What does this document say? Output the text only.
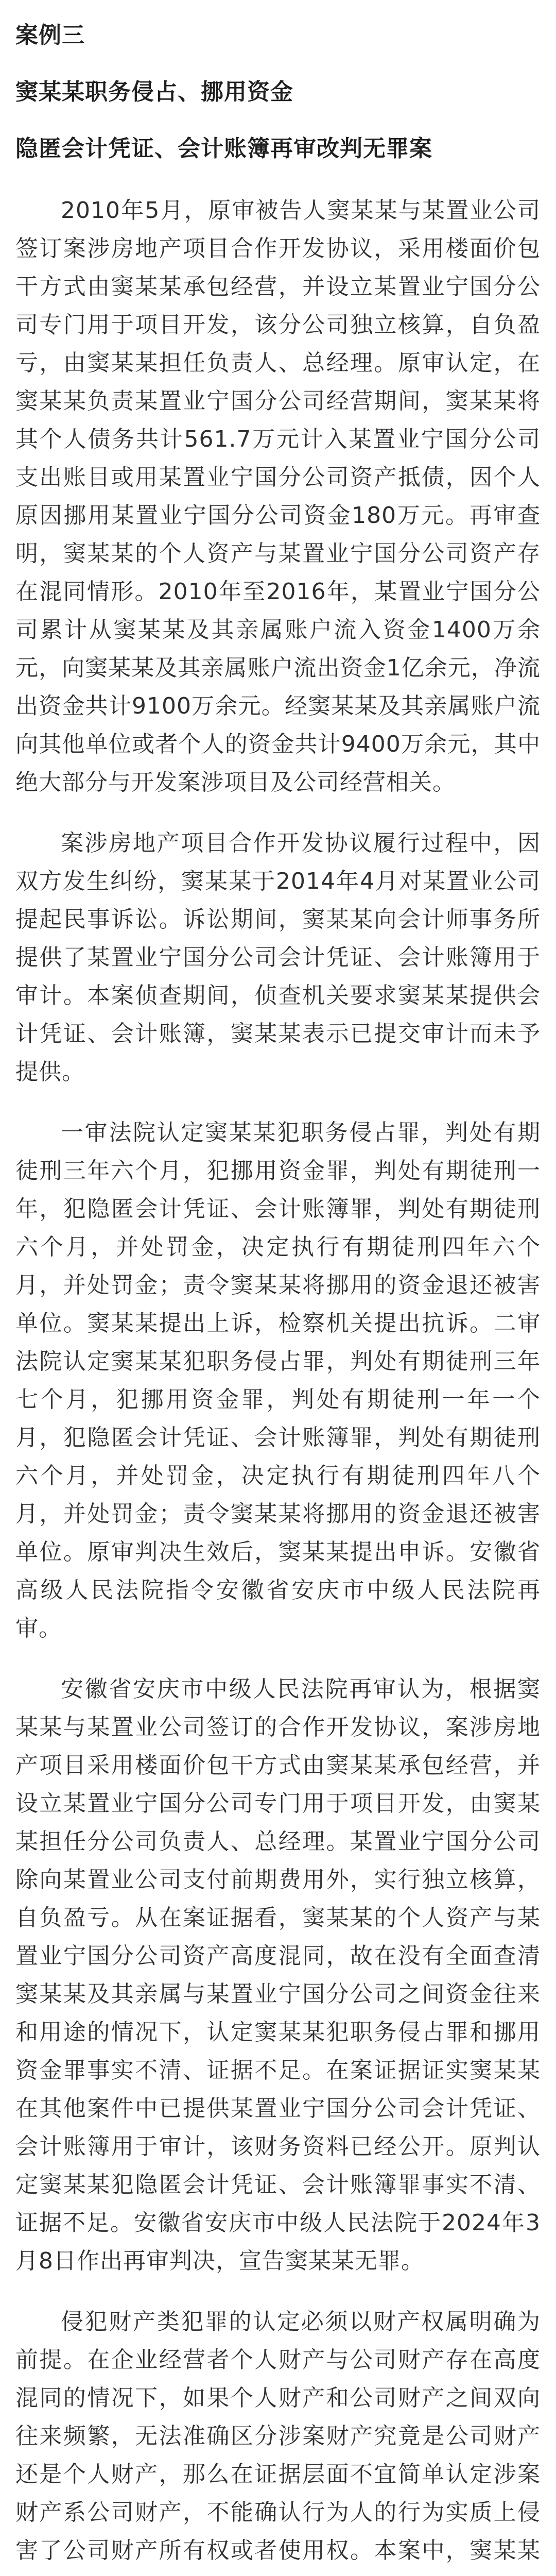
案例三
窦某某职务侵占、挪用资金
隐匿会计凭证、会计账簿再审改判无罪案

2010年5月，原审被告人窦某某与某置业公司签订案涉房地产项目合作开发协议，采用楼面价包干方式由窦某某承包经营，并设立某置业宁国分公司专门用于项目开发，该分公司独立核算，自负盈亏，由窦某某担任负责人、总经理。原审认定，在窦某某负责某置业宁国分公司经营期间，窦某某将其个人债务共计561.7万元计入某置业宁国分公司支出账目或用某置业宁国分公司资产抵债，因个人原因挪用某置业宁国分公司资金180万元。再审查明，窦某某的个人资产与某置业宁国分公司资产存在混同情形。2010年至2016年，某置业宁国分公司累计从窦某某及其亲属账户流入资金1400万余元，向窦某某及其亲属账户流出资金1亿余元，净流出资金共计9100万余元。经窦某某及其亲属账户流向其他单位或者个人的资金共计9400万余元，其中绝大部分与开发案涉项目及公司经营相关。

案涉房地产项目合作开发协议履行过程中，因双方发生纠纷，窦某某于2014年4月对某置业公司提起民事诉讼。诉讼期间，窦某某向会计师事务所提供了某置业宁国分公司会计凭证、会计账簿用于审计。本案侦查期间，侦查机关要求窦某某提供会计凭证、会计账簿，窦某某表示已提交审计而未予提供。

一审法院认定窦某某犯职务侵占罪，判处有期徒刑三年六个月，犯挪用资金罪，判处有期徒刑一年，犯隐匿会计凭证、会计账簿罪，判处有期徒刑六个月，并处罚金，决定执行有期徒刑四年六个月，并处罚金；责令窦某某将挪用的资金退还被害单位。窦某某提出上诉，检察机关提出抗诉。二审法院认定窦某某犯职务侵占罪，判处有期徒刑三年七个月，犯挪用资金罪，判处有期徒刑一年一个月，犯隐匿会计凭证、会计账簿罪，判处有期徒刑六个月，并处罚金，决定执行有期徒刑四年八个月，并处罚金；责令窦某某将挪用的资金退还被害单位。原审判决生效后，窦某某提出申诉。安徽省高级人民法院指令安徽省安庆市中级人民法院再审。

安徽省安庆市中级人民法院再审认为，根据窦某某与某置业公司签订的合作开发协议，案涉房地产项目采用楼面价包干方式由窦某某承包经营，并设立某置业宁国分公司专门用于项目开发，由窦某某担任分公司负责人、总经理。某置业宁国分公司除向某置业公司支付前期费用外，实行独立核算，自负盈亏。从在案证据看，窦某某的个人资产与某置业宁国分公司资产高度混同，故在没有全面查清窦某某及其亲属与某置业宁国分公司之间资金往来和用途的情况下，认定窦某某犯职务侵占罪和挪用资金罪事实不清、证据不足。在案证据证实窦某某在其他案件中已提供某置业宁国分公司会计凭证、会计账簿用于审计，该财务资料已经公开。原判认定窦某某犯隐匿会计凭证、会计账簿罪事实不清、证据不足。安徽省安庆市中级人民法院于2024年3月8日作出再审判决，宣告窦某某无罪。

侵犯财产类犯罪的认定必须以财产权属明确为前提。在企业经营者个人财产与公司财产存在高度混同的情况下，如果个人财产和公司财产之间双向往来频繁，无法准确区分涉案财产究竟是公司财产还是个人财产，那么在证据层面不宜简单认定涉案财产系公司财产，不能确认行为人的行为实质上侵害了公司财产所有权或者使用权。本案中，窦某某
